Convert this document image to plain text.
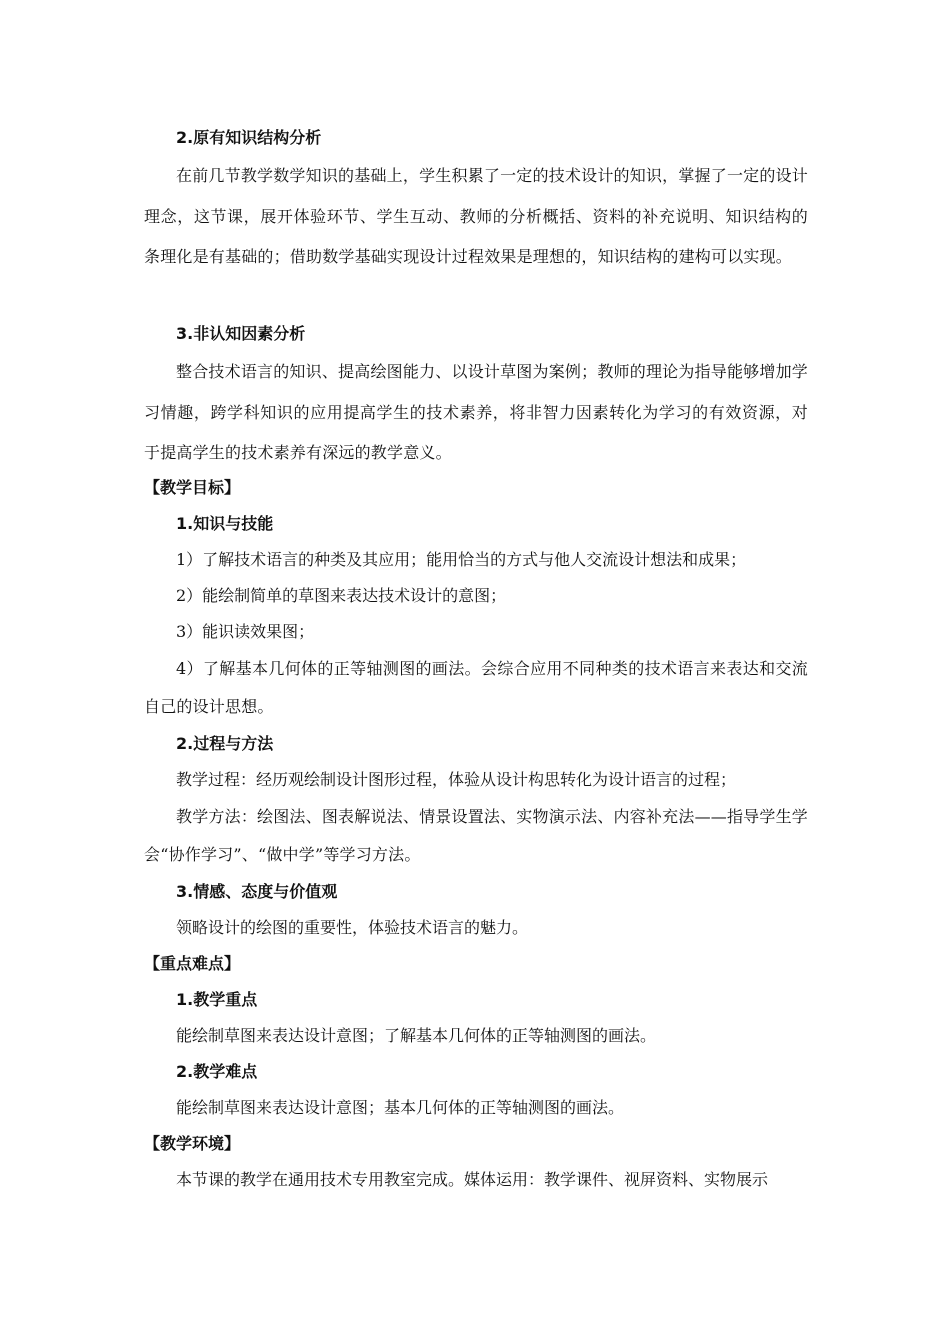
2.原有知识结构分析

在前几节教学数学知识的基础上，学生积累了一定的技术设计的知识，掌握了一定的设计理念，这节课，展开体验环节、学生互动、教师的分析概括、资料的补充说明、知识结构的条理化是有基础的；借助数学基础实现设计过程效果是理想的，知识结构的建构可以实现。

3.非认知因素分析

整合技术语言的知识、提高绘图能力、以设计草图为案例；教师的理论为指导能够增加学习情趣，跨学科知识的应用提高学生的技术素养，将非智力因素转化为学习的有效资源，对于提高学生的技术素养有深远的教学意义。

【教学目标】

1.知识与技能

1）了解技术语言的种类及其应用；能用恰当的方式与他人交流设计想法和成果；

2）能绘制简单的草图来表达技术设计的意图；

3）能识读效果图；

4）了解基本几何体的正等轴测图的画法。会综合应用不同种类的技术语言来表达和交流自己的设计思想。

2.过程与方法

教学过程：经历观绘制设计图形过程，体验从设计构思转化为设计语言的过程；

教学方法：绘图法、图表解说法、情景设置法、实物演示法、内容补充法——指导学生学会“协作学习”、“做中学”等学习方法。

3.情感、态度与价值观

领略设计的绘图的重要性，体验技术语言的魅力。

【重点难点】

1.教学重点

能绘制草图来表达设计意图；了解基本几何体的正等轴测图的画法。

2.教学难点

能绘制草图来表达设计意图；基本几何体的正等轴测图的画法。

【教学环境】

本节课的教学在通用技术专用教室完成。媒体运用：教学课件、视屏资料、实物展示
